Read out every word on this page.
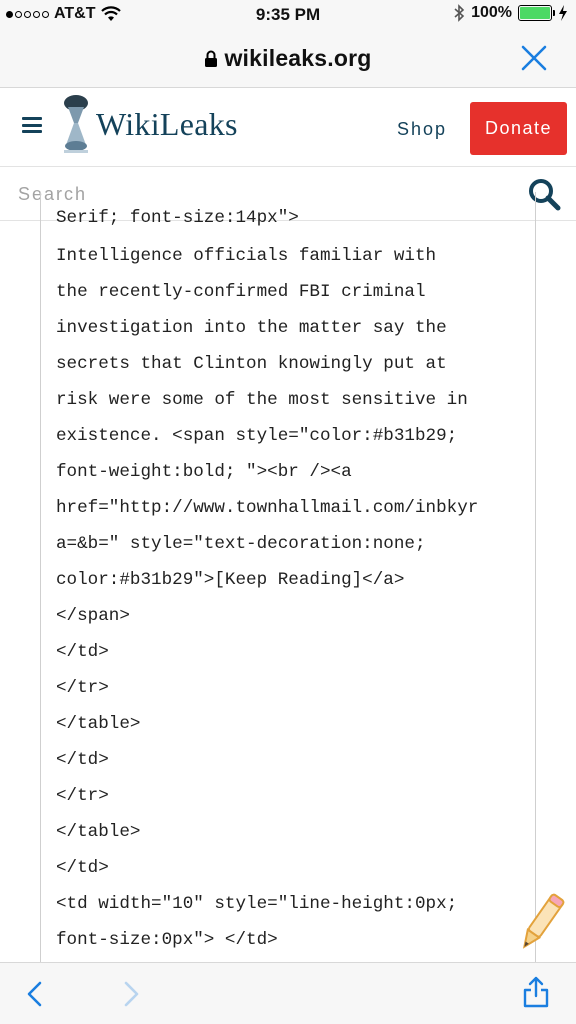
AT&T	9:35 PM	100%
wikileaks.org
WikiLeaks	Shop	Donate
Search
Serif; font-size:14px">
Intelligence officials familiar with
the recently-confirmed FBI criminal
investigation into the matter say the
secrets that Clinton knowingly put at
risk were some of the most sensitive in
existence. <span style="color:#b31b29;
font-weight:bold; "><br /><a
href="http://www.townhallmail.com/inbkyr
a=&b=" style="text-decoration:none;
color:#b31b29">[Keep Reading]</a>
</span>
</td>
</tr>
</table>
</td>
</tr>
</table>
</td>
<td width="10" style="line-height:0px;
font-size:0px"> </td>
